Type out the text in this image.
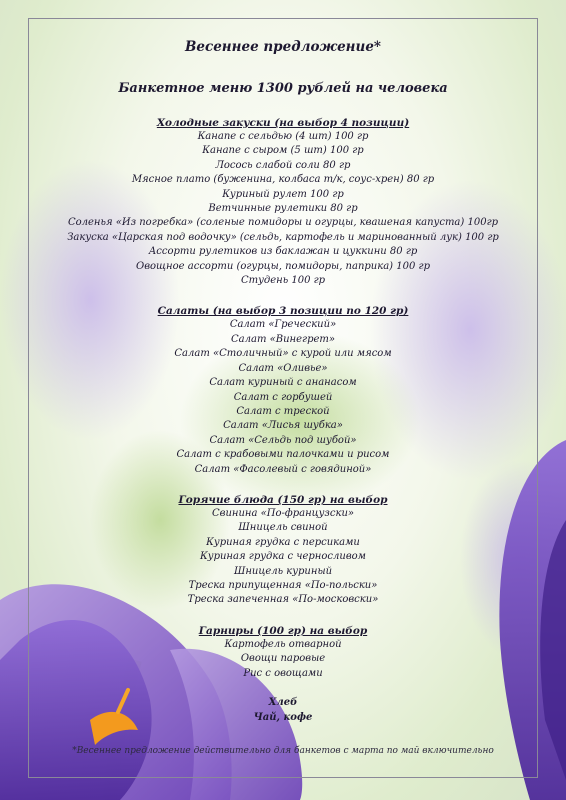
Весеннее предложение*
Банкетное меню 1300 рублей на человека
Холодные закуски (на выбор 4 позиции)
Канапе с сельдью (4 шт) 100 гр
Канапе с сыром (5 шт) 100 гр
Лосось слабой соли 80 гр
Мясное плато (буженина, колбаса т/к, соус-хрен) 80 гр
Куриный рулет 100 гр
Ветчинные рулетики 80 гр
Соленья «Из погребка» (соленые помидоры и огурцы, квашеная капуста) 100гр
Закуска «Царская под водочку» (сельдь, картофель и маринованный лук) 100 гр
Ассорти рулетиков из баклажан и цуккини 80 гр
Овощное ассорти (огурцы, помидоры, паприка) 100 гр
Студень 100 гр
Салаты (на выбор 3 позиции по 120 гр)
Салат «Греческий»
Салат «Винегрет»
Салат «Столичный» с курой или мясом
Салат «Оливье»
Салат куриный с ананасом
Салат с горбушей
Салат с треской
Салат «Лисья шубка»
Салат «Сельдь под шубой»
Салат с крабовыми палочками и рисом
Салат «Фасолевый с говядиной»
Горячие блюда (150 гр) на выбор
Свинина «По-французски»
Шницель свиной
Куриная грудка с персиками
Куриная грудка с черносливом
Шницель куриный
Треска припущенная «По-польски»
Треска запеченная «По-московски»
Гарниры (100 гр) на выбор
Картофель отварной
Овощи паровые
Рис с овощами
Хлеб
Чай, кофе
*Весеннее предложение действительно для банкетов с марта по май включительно
